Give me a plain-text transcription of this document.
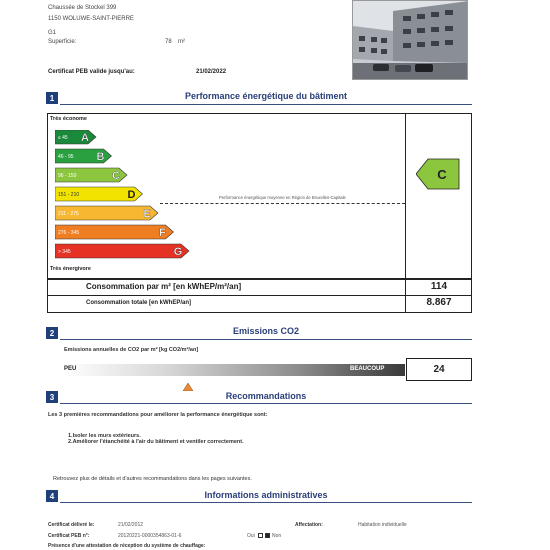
Chaussée de Stockel 399
1150 WOLUWE-SAINT-PIERRE
G1
Superficie:	78 m²
Certificat PEB valide jusqu'au:	21/02/2022
1	Performance énergétique du bâtiment
Très économe
Très énergivore
≤ 45 A
46 - 95 B
96 - 150	C
151 - 210	D
211 - 275	E
276 - 345	F
> 345	G
Performance énergétique moyenne en Région de Bruxelles-Capitale
C
Consommation par m² [en kWhEP/m²/an]	114
Consommation totale [en kWhEP/an]	8.867
2	Emissions CO2
Emissions annuelles de CO2 par m² [kg CO2/m²/an]
PEU	BEAUCOUP	24
3	Recommandations
Les 3 premières recommandations pour améliorer la performance énergétique sont:
1.Isoler les murs extérieurs.
2.Améliorer l'étanchéité à l'air du bâtiment et ventiler correctement.
Retrouvez plus de détails et d'autres recommandations dans les pages suivantes.
4	Informations administratives
Certificat délivré le:	21/02/2012
Certificat PEB n°:	20120221-0000354863-01-6
Présence d'une attestation de réception du système de chauffage:
Affectation:	Habitation individuelle
Oui	Non
